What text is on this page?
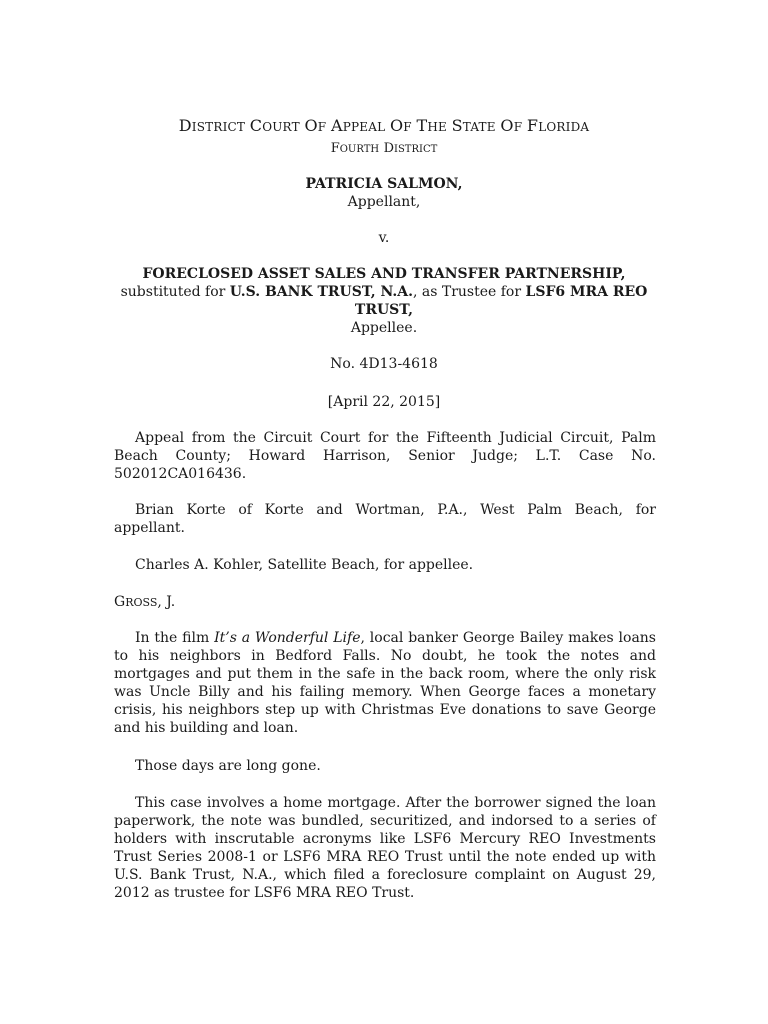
DISTRICT COURT OF APPEAL OF THE STATE OF FLORIDA
FOURTH DISTRICT
PATRICIA SALMON,
Appellant,
v.
FORECLOSED ASSET SALES AND TRANSFER PARTNERSHIP,
substituted for U.S. BANK TRUST, N.A., as Trustee for LSF6 MRA REO
TRUST,
Appellee.
No. 4D13-4618
[April 22, 2015]
Appeal from the Circuit Court for the Fifteenth Judicial Circuit, Palm
Beach County; Howard Harrison, Senior Judge; L.T. Case No.
502012CA016436.
Brian Korte of Korte and Wortman, P.A., West Palm Beach, for
appellant.
Charles A. Kohler, Satellite Beach, for appellee.
GROSS, J.
In the film It’s a Wonderful Life, local banker George Bailey makes loans
to his neighbors in Bedford Falls. No doubt, he took the notes and
mortgages and put them in the safe in the back room, where the only risk
was Uncle Billy and his failing memory. When George faces a monetary
crisis, his neighbors step up with Christmas Eve donations to save George
and his building and loan.
Those days are long gone.
This case involves a home mortgage. After the borrower signed the loan
paperwork, the note was bundled, securitized, and indorsed to a series of
holders with inscrutable acronyms like LSF6 Mercury REO Investments
Trust Series 2008-1 or LSF6 MRA REO Trust until the note ended up with
U.S. Bank Trust, N.A., which filed a foreclosure complaint on August 29,
2012 as trustee for LSF6 MRA REO Trust.
